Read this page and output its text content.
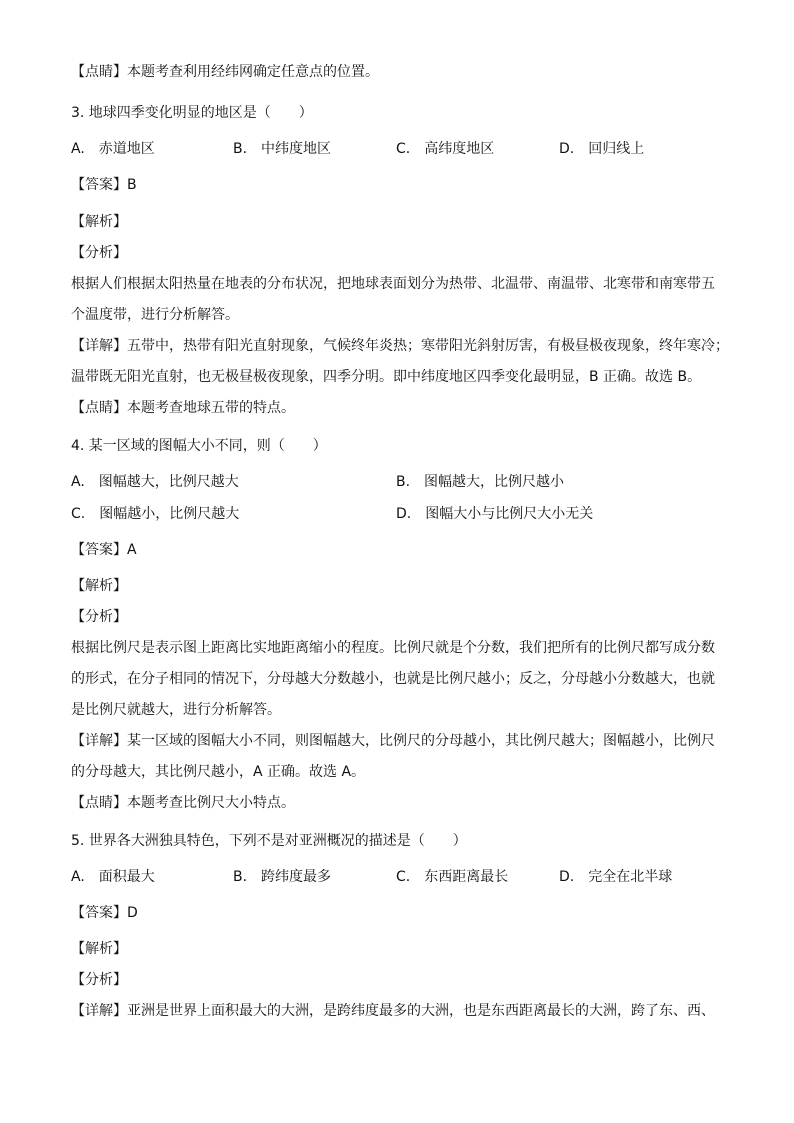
【点睛】本题考查利用经纬网确定任意点的位置。
3. 地球四季变化明显的地区是（　　）
A.　赤道地区	B.　中纬度地区	C.　高纬度地区	D.　回归线上
【答案】B
【解析】
【分析】
根据人们根据太阳热量在地表的分布状况，把地球表面划分为热带、北温带、南温带、北寒带和南寒带五
个温度带，进行分析解答。
【详解】五带中，热带有阳光直射现象，气候终年炎热；寒带阳光斜射厉害，有极昼极夜现象，终年寒冷；
温带既无阳光直射，也无极昼极夜现象，四季分明。即中纬度地区四季变化最明显，B 正确。故选 B。
【点睛】本题考查地球五带的特点。
4. 某一区域的图幅大小不同，则（　　）
A.　图幅越大，比例尺越大	B.　图幅越大，比例尺越小
C.　图幅越小，比例尺越大	D.　图幅大小与比例尺大小无关
【答案】A
【解析】
【分析】
根据比例尺是表示图上距离比实地距离缩小的程度。比例尺就是个分数，我们把所有的比例尺都写成分数
的形式，在分子相同的情况下，分母越大分数越小，也就是比例尺越小；反之，分母越小分数越大，也就
是比例尺就越大，进行分析解答。
【详解】某一区域的图幅大小不同，则图幅越大，比例尺的分母越小，其比例尺越大；图幅越小，比例尺
的分母越大，其比例尺越小，A 正确。故选 A。
【点睛】本题考查比例尺大小特点。
5. 世界各大洲独具特色，下列不是对亚洲概况的描述是（　　）
A.　面积最大	B.　跨纬度最多	C.　东西距离最长	D.　完全在北半球
【答案】D
【解析】
【分析】
【详解】亚洲是世界上面积最大的大洲，是跨纬度最多的大洲，也是东西距离最长的大洲，跨了东、西、
